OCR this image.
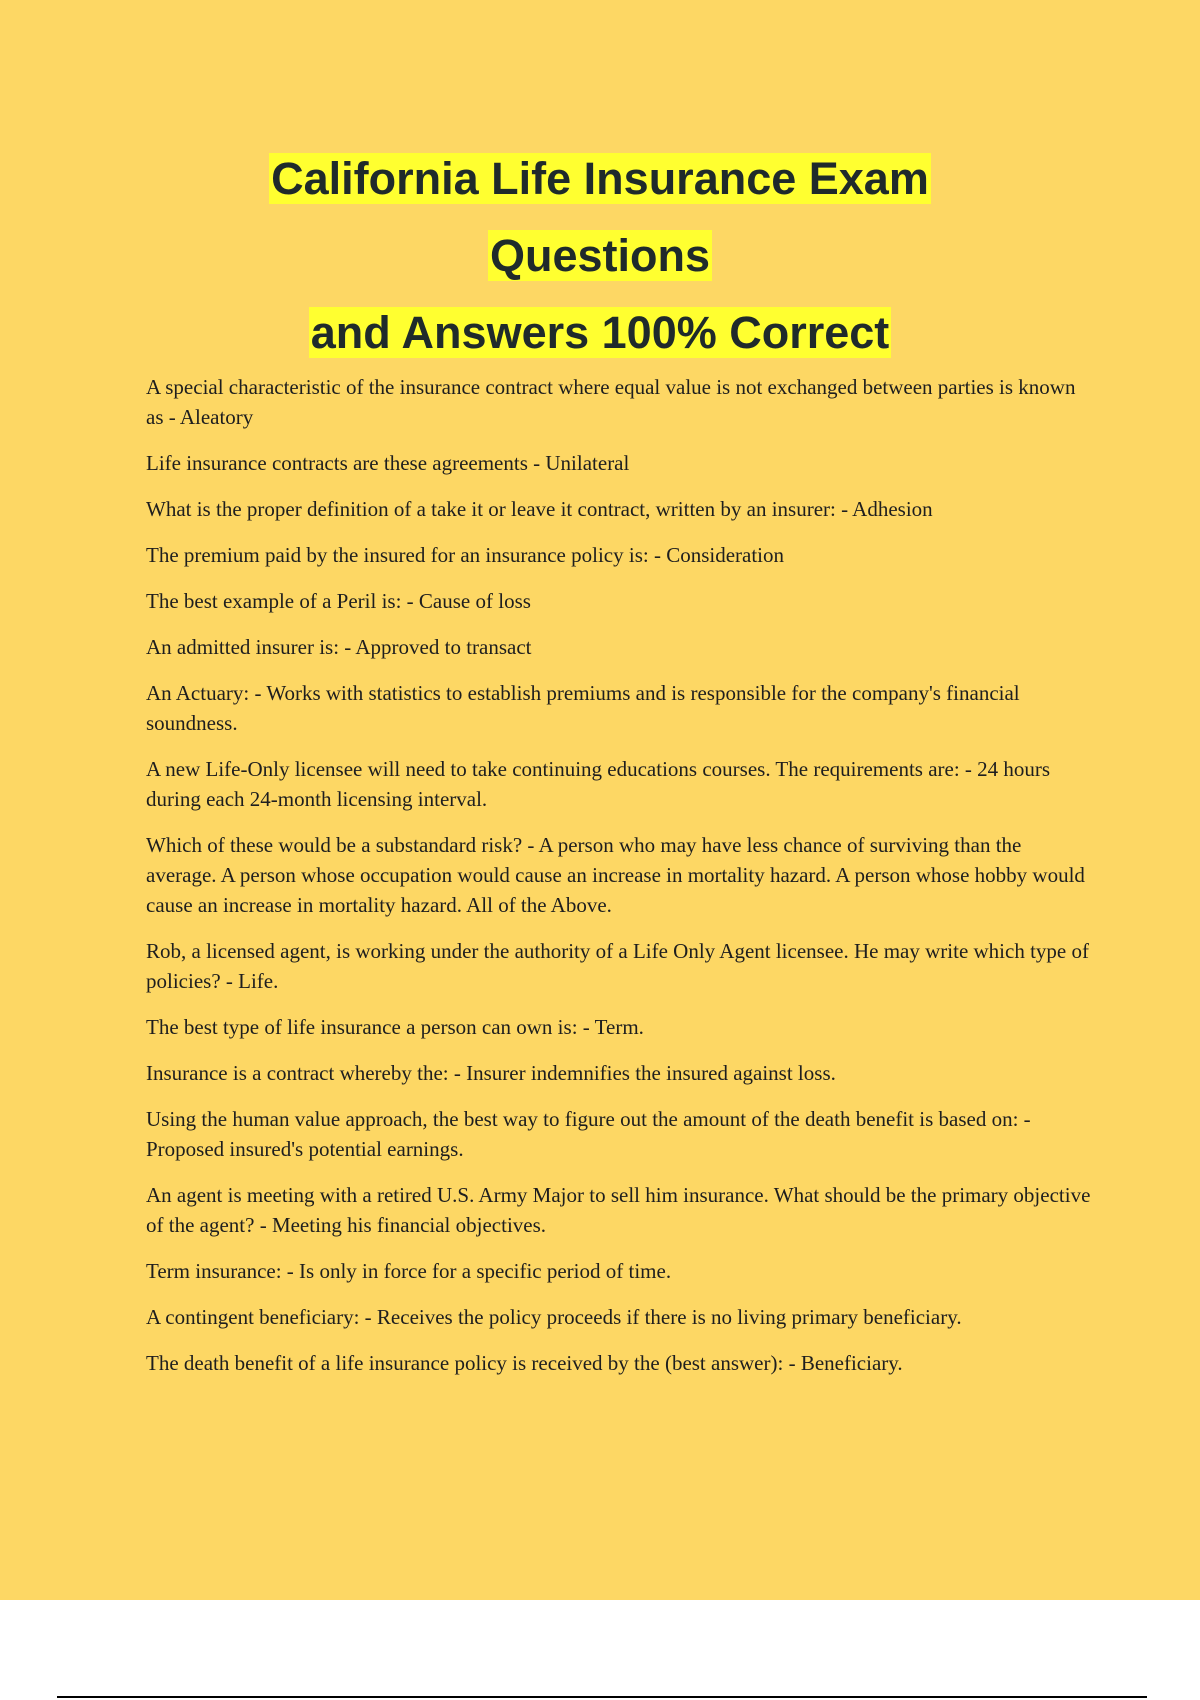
California Life Insurance Exam
Questions
and Answers 100% Correct

A special characteristic of the insurance contract where equal value is not exchanged between parties is known as - Aleatory

Life insurance contracts are these agreements - Unilateral

What is the proper definition of a take it or leave it contract, written by an insurer: - Adhesion

The premium paid by the insured for an insurance policy is: - Consideration

The best example of a Peril is: - Cause of loss

An admitted insurer is: - Approved to transact

An Actuary: - Works with statistics to establish premiums and is responsible for the company's financial soundness.

A new Life-Only licensee will need to take continuing educations courses. The requirements are: - 24 hours during each 24-month licensing interval.

Which of these would be a substandard risk? - A person who may have less chance of surviving than the average. A person whose occupation would cause an increase in mortality hazard. A person whose hobby would cause an increase in mortality hazard. All of the Above.

Rob, a licensed agent, is working under the authority of a Life Only Agent licensee. He may write which type of policies? - Life.

The best type of life insurance a person can own is: - Term.

Insurance is a contract whereby the: - Insurer indemnifies the insured against loss.

Using the human value approach, the best way to figure out the amount of the death benefit is based on: - Proposed insured's potential earnings.

An agent is meeting with a retired U.S. Army Major to sell him insurance. What should be the primary objective of the agent? - Meeting his financial objectives.

Term insurance: - Is only in force for a specific period of time.

A contingent beneficiary: - Receives the policy proceeds if there is no living primary beneficiary.

The death benefit of a life insurance policy is received by the (best answer): - Beneficiary.
